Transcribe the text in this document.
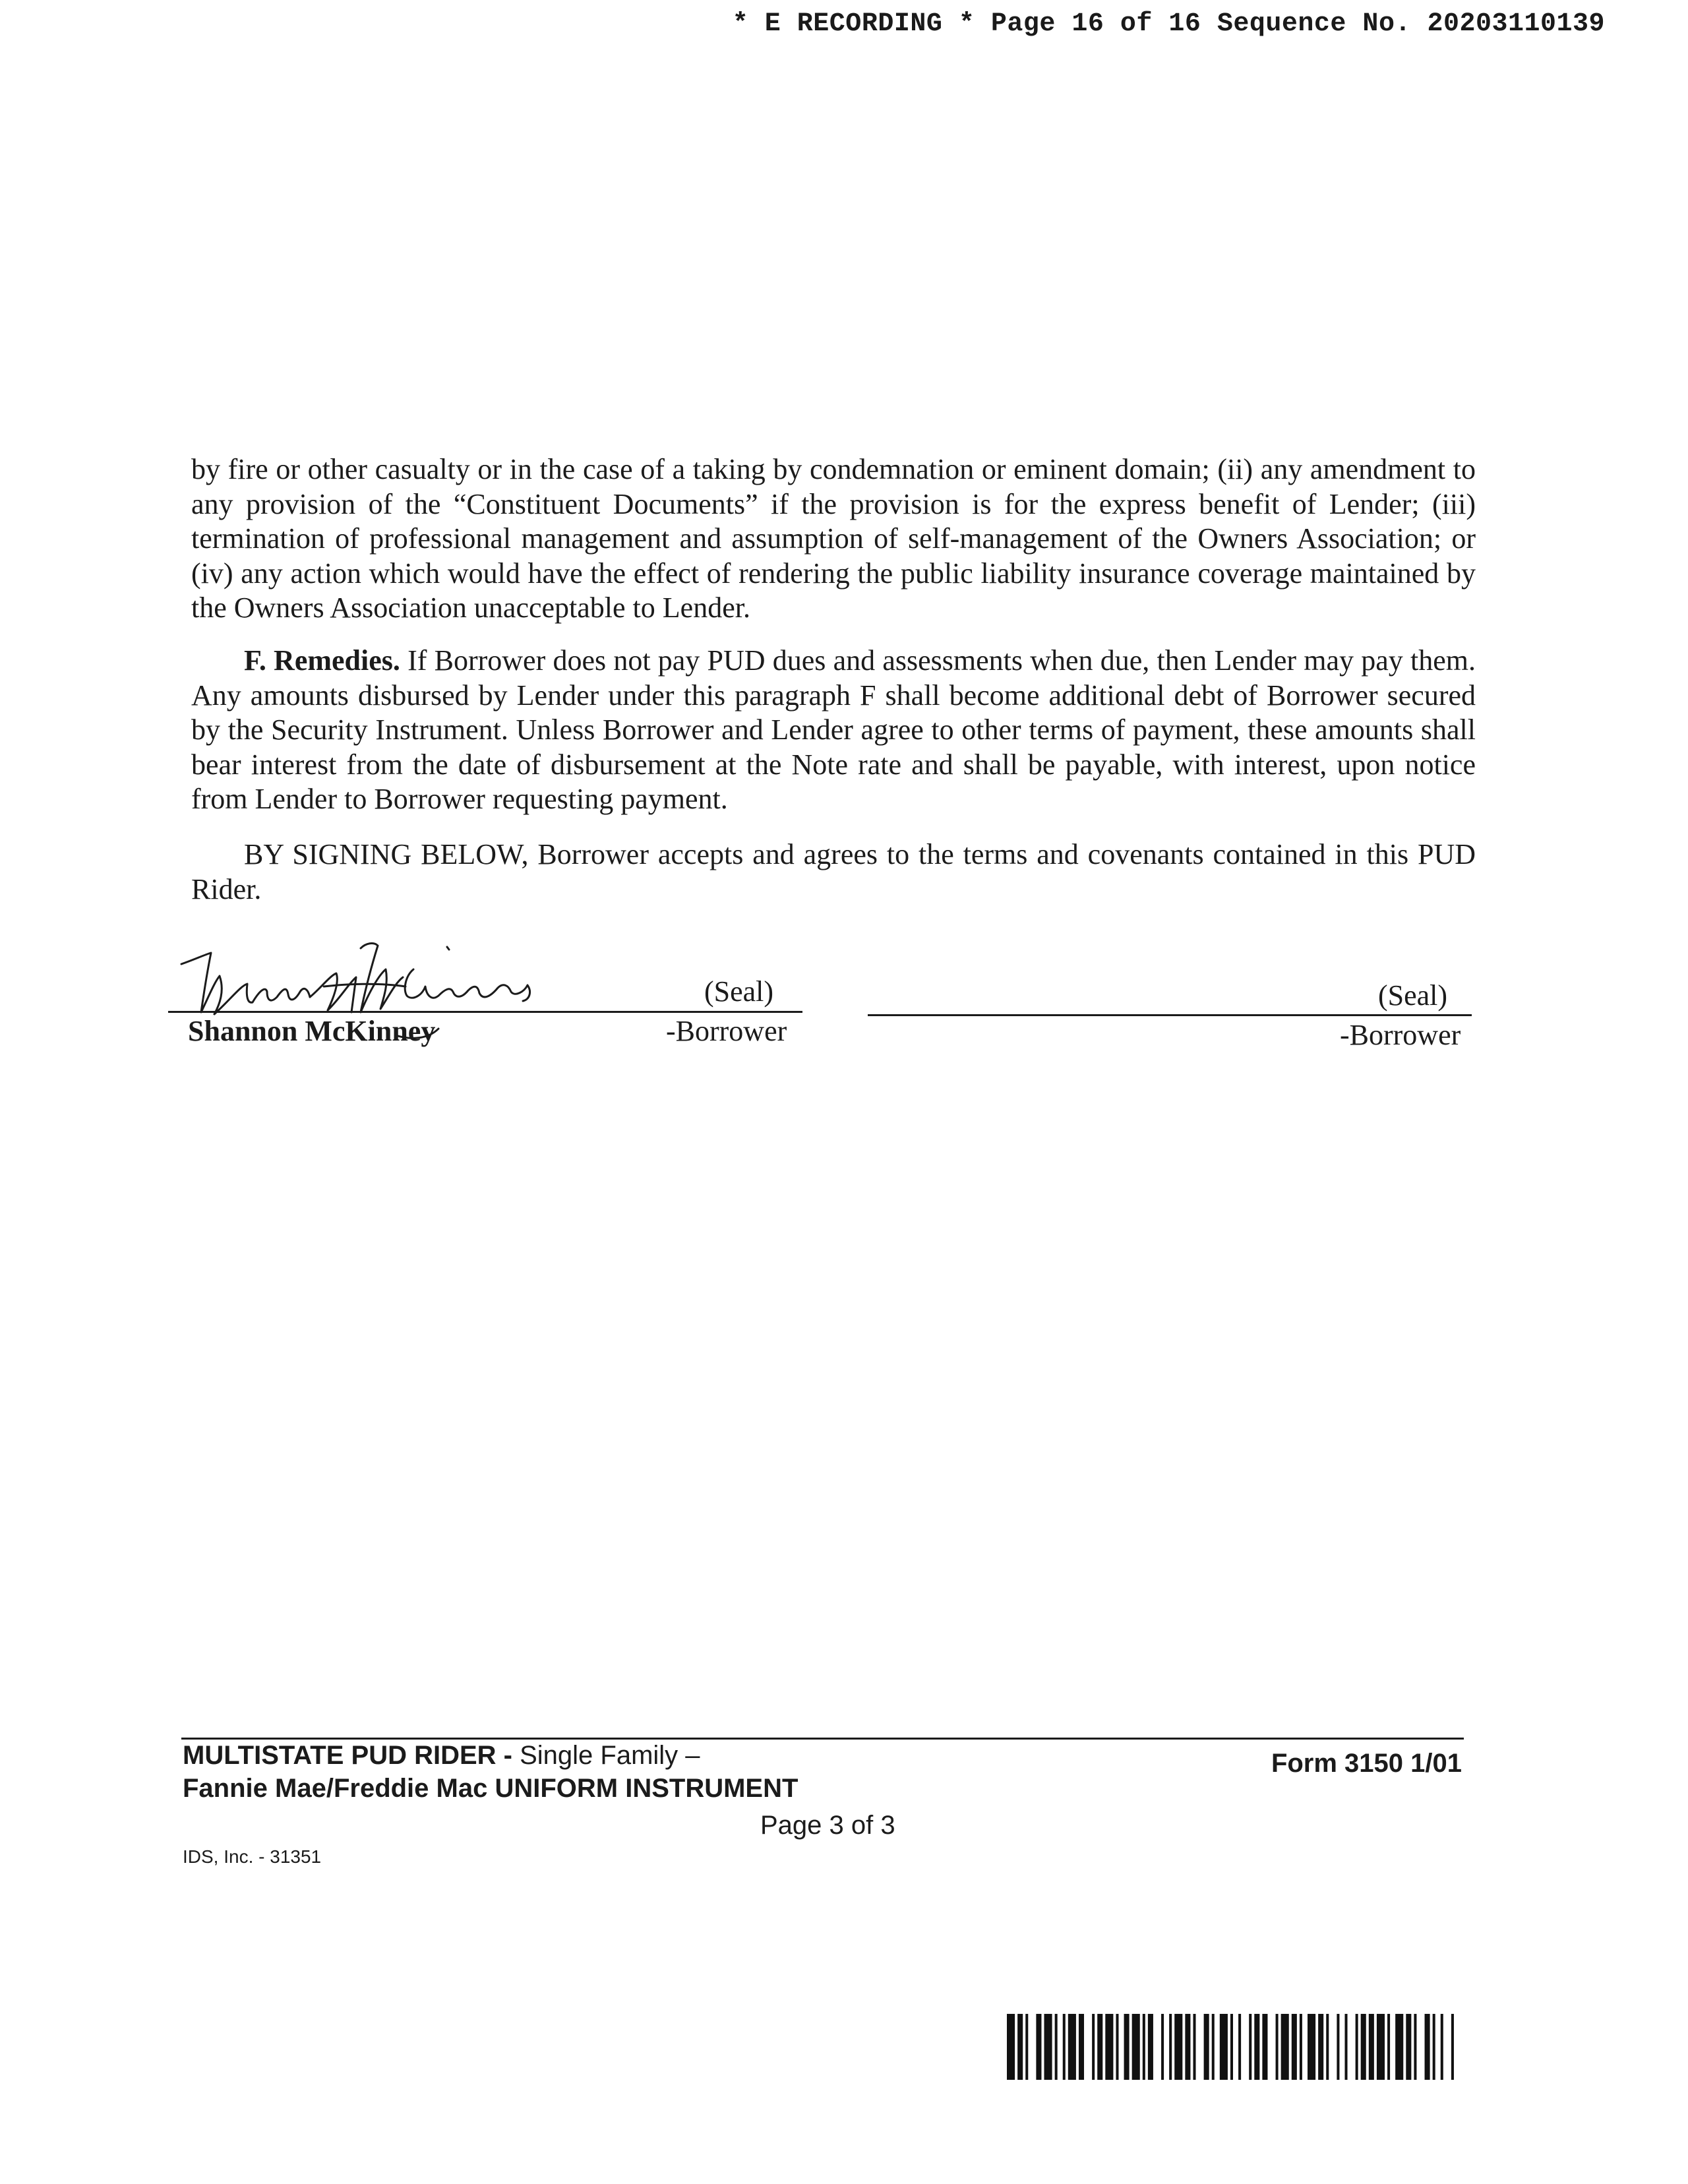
* E RECORDING * Page 16 of 16 Sequence No. 20203110139

by fire or other casualty or in the case of a taking by condemnation or eminent domain; (ii) any amendment to any provision of the “Constituent Documents” if the provision is for the express benefit of Lender; (iii) termination of professional management and assumption of self-management of the Owners Association; or (iv) any action which would have the effect of rendering the public liability insurance coverage maintained by the Owners Association unacceptable to Lender.

F. Remedies. If Borrower does not pay PUD dues and assessments when due, then Lender may pay them. Any amounts disbursed by Lender under this paragraph F shall become additional debt of Borrower secured by the Security Instrument. Unless Borrower and Lender agree to other terms of payment, these amounts shall bear interest from the date of disbursement at the Note rate and shall be payable, with interest, upon notice from Lender to Borrower requesting payment.

BY SIGNING BELOW, Borrower accepts and agrees to the terms and covenants contained in this PUD Rider.

(Seal)
Shannon McKinney	-Borrower
(Seal)
-Borrower
MULTISTATE PUD RIDER - Single Family –
Fannie Mae/Freddie Mac UNIFORM INSTRUMENT
Form 3150 1/01
Page 3 of 3
IDS, Inc. - 31351
